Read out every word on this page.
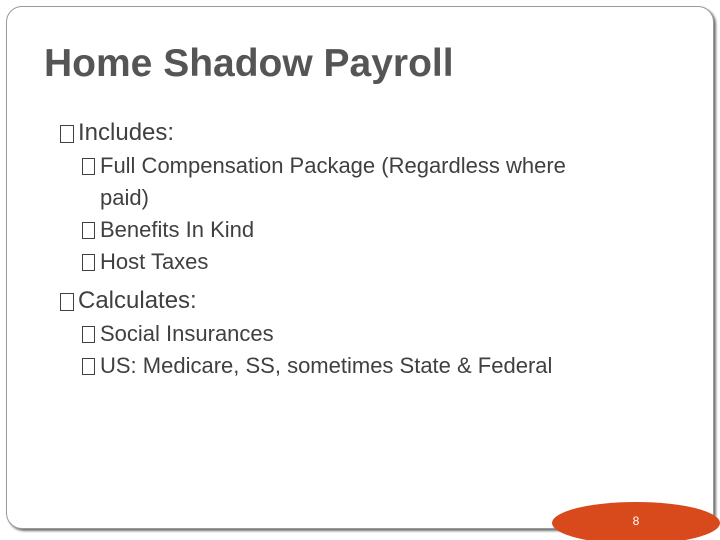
Home Shadow Payroll
Includes:
Full Compensation Package (Regardless where
paid)
Benefits In Kind
Host Taxes
Calculates:
Social Insurances
US: Medicare, SS, sometimes State & Federal
8
